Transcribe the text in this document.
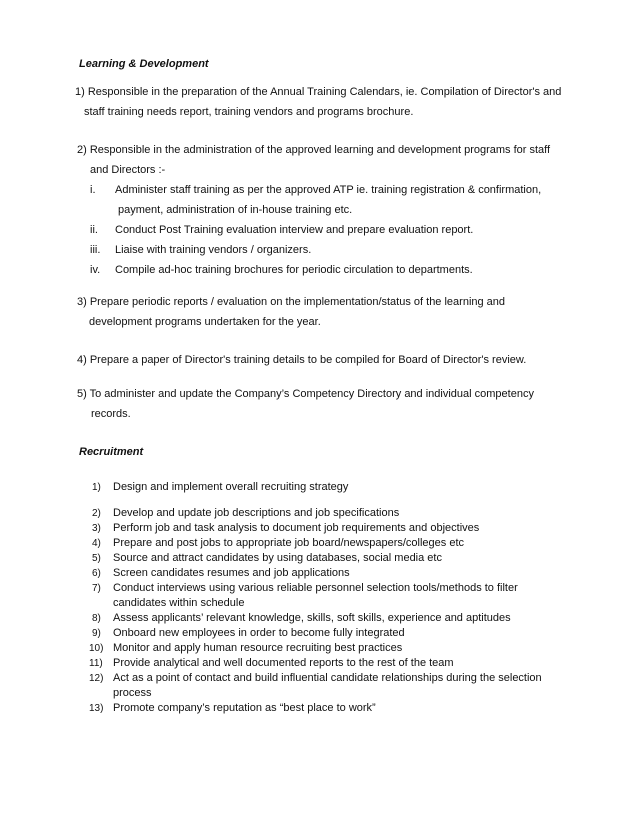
Learning & Development
1) Responsible in the preparation of the Annual Training Calendars, ie. Compilation of Director's and
staff training needs report, training vendors and programs brochure.
2) Responsible in the administration of the approved learning and development programs for staff
and Directors :-
i.	Administer staff training as per the approved ATP ie. training registration & confirmation,
payment, administration of in-house training etc.
ii.	Conduct Post Training evaluation interview and prepare evaluation report.
iii.	Liaise with training vendors / organizers.
iv.	Compile ad-hoc training brochures for periodic circulation to departments.
3) Prepare periodic reports / evaluation on the implementation/status of the learning and
development programs undertaken for the year.
4) Prepare a paper of Director's training details to be compiled for Board of Director's review.
5) To administer and update the Company’s Competency Directory and individual competency
records.
Recruitment
1)	Design and implement overall recruiting strategy
2)	Develop and update job descriptions and job specifications
3)	Perform job and task analysis to document job requirements and objectives
4)	Prepare and post jobs to appropriate job board/newspapers/colleges etc
5)	Source and attract candidates by using databases, social media etc
6)	Screen candidates resumes and job applications
7)	Conduct interviews using various reliable personnel selection tools/methods to filter
candidates within schedule
8)	Assess applicants’ relevant knowledge, skills, soft skills, experience and aptitudes
9)	Onboard new employees in order to become fully integrated
10) Monitor and apply human resource recruiting best practices
11) Provide analytical and well documented reports to the rest of the team
12) Act as a point of contact and build influential candidate relationships during the selection
process
13) Promote company’s reputation as “best place to work”
